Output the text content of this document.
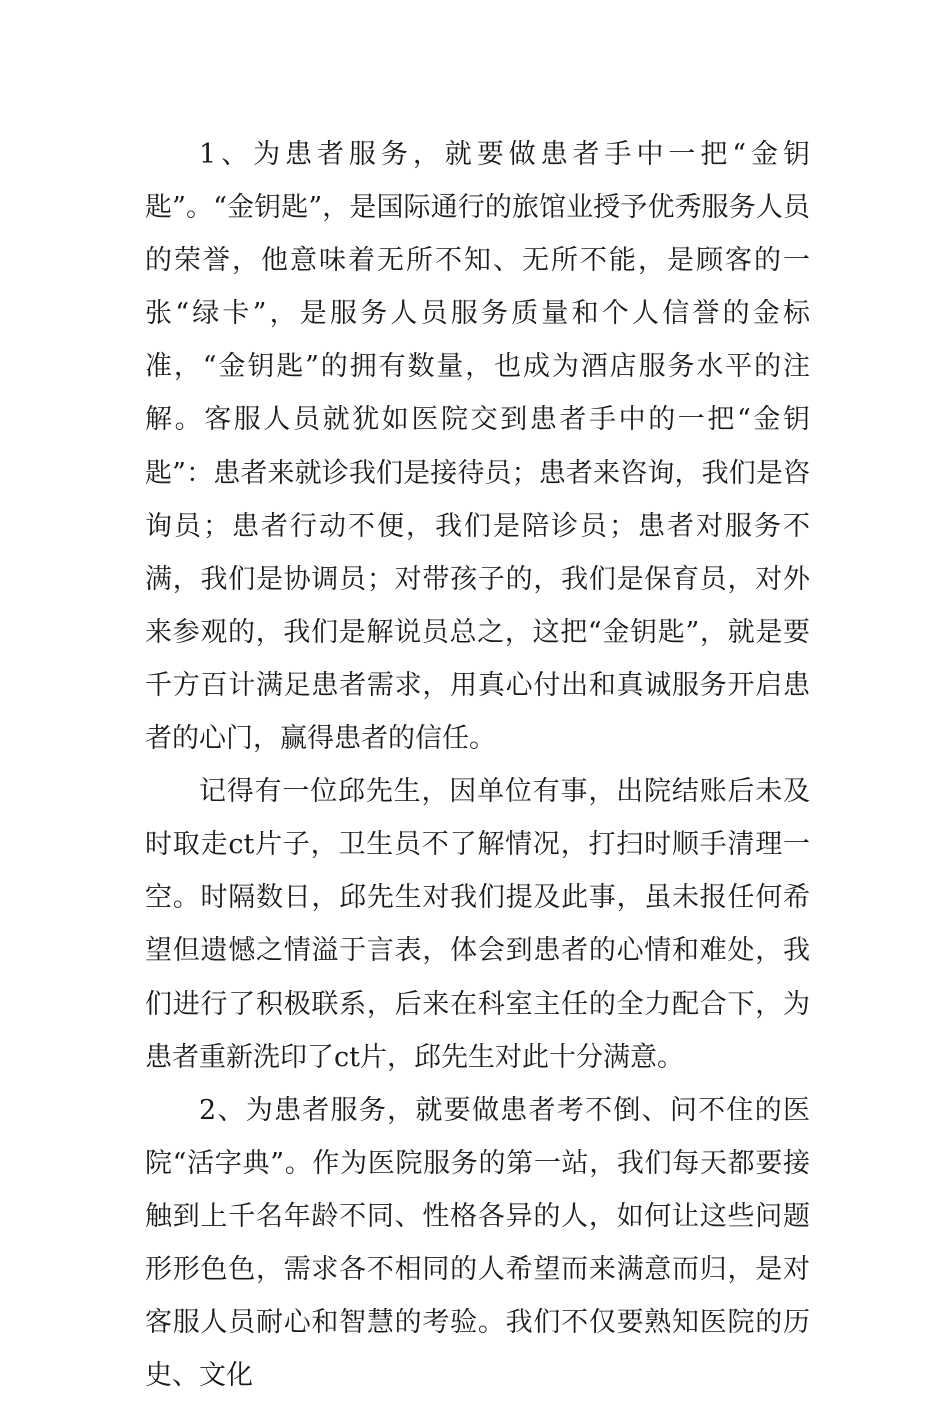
1、为患者服务，就要做患者手中一把“金钥匙”。“金钥匙”，是国际通行的旅馆业授予优秀服务人员的荣誉，他意味着无所不知、无所不能，是顾客的一张“绿卡”，是服务人员服务质量和个人信誉的金标准，“金钥匙”的拥有数量，也成为酒店服务水平的注解。客服人员就犹如医院交到患者手中的一把“金钥匙”：患者来就诊我们是接待员；患者来咨询，我们是咨询员；患者行动不便，我们是陪诊员；患者对服务不满，我们是协调员；对带孩子的，我们是保育员，对外来参观的，我们是解说员总之，这把“金钥匙”，就是要千方百计满足患者需求，用真心付出和真诚服务开启患者的心门，赢得患者的信任。

记得有一位邱先生，因单位有事，出院结账后未及时取走ct片子，卫生员不了解情况，打扫时顺手清理一空。时隔数日，邱先生对我们提及此事，虽未报任何希望但遗憾之情溢于言表，体会到患者的心情和难处，我们进行了积极联系，后来在科室主任的全力配合下，为患者重新洗印了ct片，邱先生对此十分满意。

2、为患者服务，就要做患者考不倒、问不住的医院“活字典”。作为医院服务的第一站，我们每天都要接触到上千名年龄不同、性格各异的人，如何让这些问题形形色色，需求各不相同的人希望而来满意而归，是对客服人员耐心和智慧的考验。我们不仅要熟知医院的历史、文化
